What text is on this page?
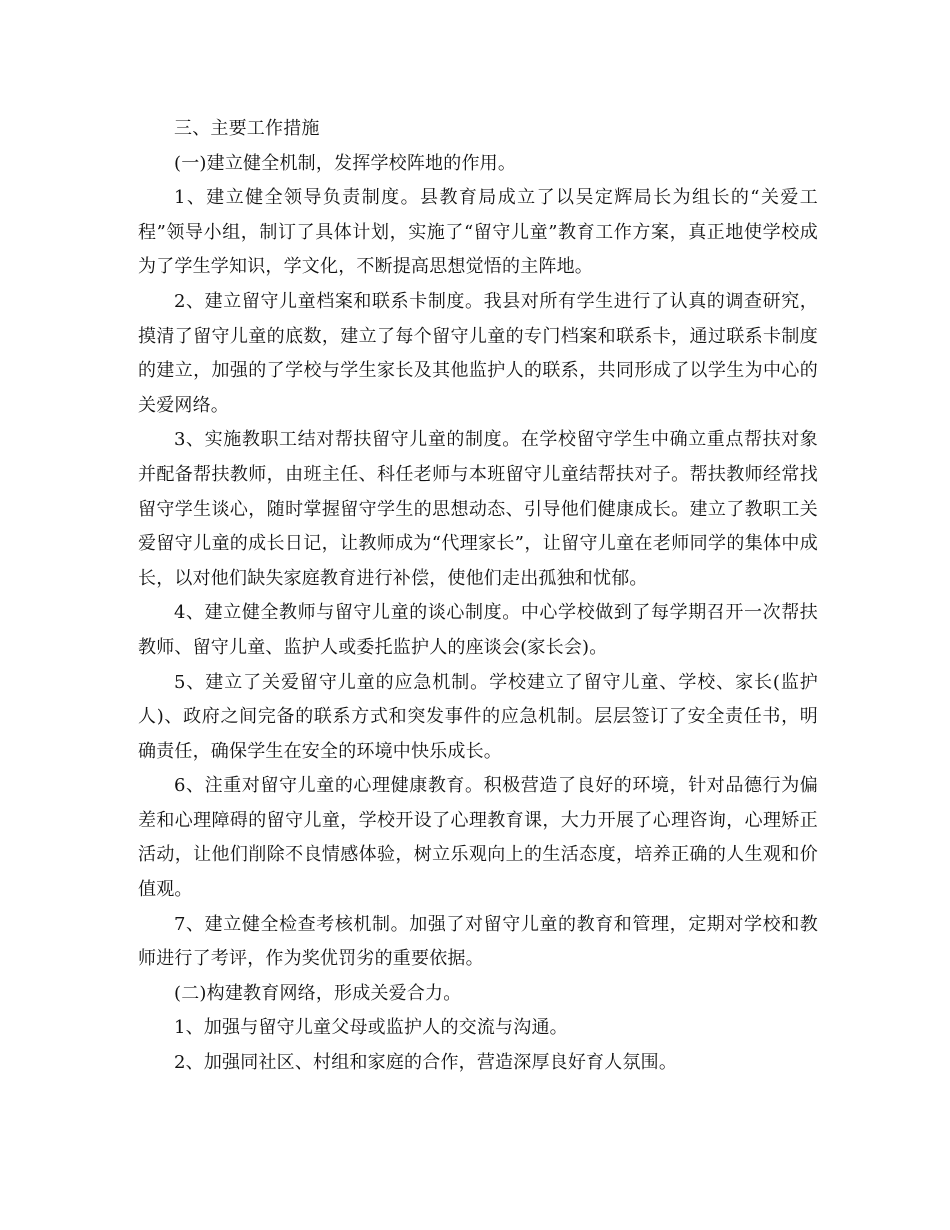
三、主要工作措施

(一)建立健全机制，发挥学校阵地的作用。

1、建立健全领导负责制度。县教育局成立了以吴定辉局长为组长的“关爱工程”领导小组，制订了具体计划，实施了“留守儿童”教育工作方案，真正地使学校成为了学生学知识，学文化，不断提高思想觉悟的主阵地。

2、建立留守儿童档案和联系卡制度。我县对所有学生进行了认真的调查研究，摸清了留守儿童的底数，建立了每个留守儿童的专门档案和联系卡，通过联系卡制度的建立，加强的了学校与学生家长及其他监护人的联系，共同形成了以学生为中心的关爱网络。

3、实施教职工结对帮扶留守儿童的制度。在学校留守学生中确立重点帮扶对象并配备帮扶教师，由班主任、科任老师与本班留守儿童结帮扶对子。帮扶教师经常找留守学生谈心，随时掌握留守学生的思想动态、引导他们健康成长。建立了教职工关爱留守儿童的成长日记，让教师成为“代理家长”，让留守儿童在老师同学的集体中成长，以对他们缺失家庭教育进行补偿，使他们走出孤独和忧郁。

4、建立健全教师与留守儿童的谈心制度。中心学校做到了每学期召开一次帮扶教师、留守儿童、监护人或委托监护人的座谈会(家长会)。

5、建立了关爱留守儿童的应急机制。学校建立了留守儿童、学校、家长(监护人)、政府之间完备的联系方式和突发事件的应急机制。层层签订了安全责任书，明确责任，确保学生在安全的环境中快乐成长。

6、注重对留守儿童的心理健康教育。积极营造了良好的环境，针对品德行为偏差和心理障碍的留守儿童，学校开设了心理教育课，大力开展了心理咨询，心理矫正活动，让他们削除不良情感体验，树立乐观向上的生活态度，培养正确的人生观和价值观。

7、建立健全检查考核机制。加强了对留守儿童的教育和管理，定期对学校和教师进行了考评，作为奖优罚劣的重要依据。

(二)构建教育网络，形成关爱合力。

1、加强与留守儿童父母或监护人的交流与沟通。

2、加强同社区、村组和家庭的合作，营造深厚良好育人氛围。
